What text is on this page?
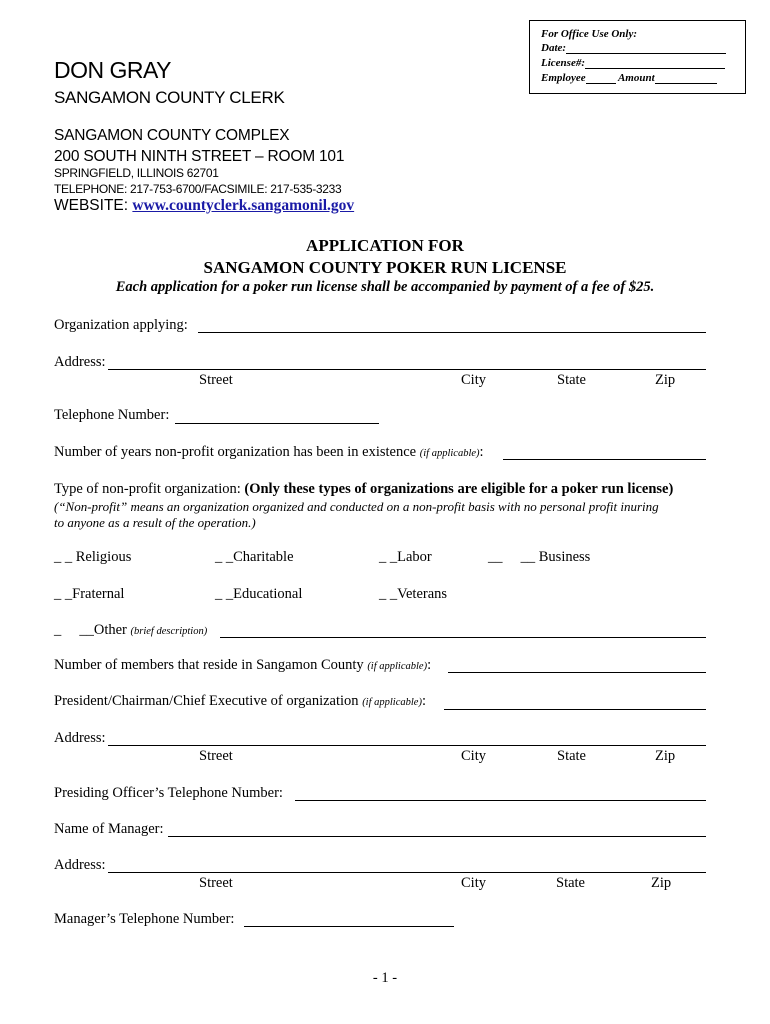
For Office Use Only:
Date:
License#:
Employee	Amount
DON GRAY
SANGAMON COUNTY CLERK
SANGAMON COUNTY COMPLEX
200 SOUTH NINTH STREET – ROOM 101
SPRINGFIELD, ILLINOIS 62701
TELEPHONE: 217-753-6700/FACSIMILE: 217-535-3233
WEBSITE: www.countyclerk.sangamonil.gov
APPLICATION FOR
SANGAMON COUNTY POKER RUN LICENSE
Each application for a poker run license shall be accompanied by payment of a fee of $25.
Organization applying:
Address:
Street	City	State	Zip
Telephone Number:
Number of years non-profit organization has been in existence (if applicable):
Type of non-profit organization: (Only these types of organizations are eligible for a poker run license)
(“Non-profit” means an organization organized and conducted on a non-profit basis with no personal profit inuring
to anyone as a result of the operation.)
_ _ Religious	_ _Charitable	_ _Labor	__     __ Business
_ _Fraternal	_ _Educational	_ _Veterans
_     __Other (brief description)
Number of members that reside in Sangamon County (if applicable):
President/Chairman/Chief Executive of organization (if applicable):
Address:
Street	City	State	Zip
Presiding Officer’s Telephone Number:
Name of Manager:
Address:
Street	City	State	Zip
Manager’s Telephone Number:
- 1 -
